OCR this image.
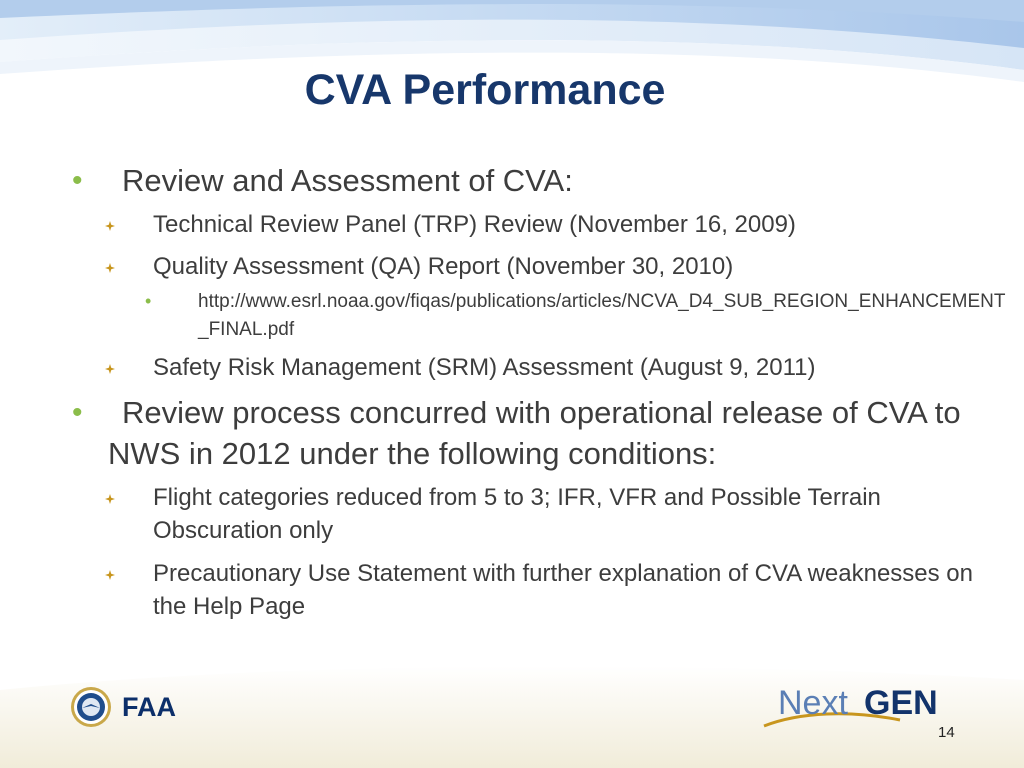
CVA Performance
•	Review and Assessment of CVA:
Technical Review Panel (TRP) Review (November 16, 2009)
Quality Assessment (QA) Report (November 30, 2010)
• http://www.esrl.noaa.gov/fiqas/publications/articles/NCVA_D4_SUB_REGION_ENHANCEMENT_FINAL.pdf
Safety Risk Management (SRM) Assessment (August 9, 2011)
•	Review process concurred with operational release of CVA to NWS in 2012 under the following conditions:
Flight categories reduced from 5 to 3; IFR, VFR and Possible Terrain Obscuration only
Precautionary Use Statement with further explanation of CVA weaknesses on the Help Page
FAA	Next GEN
14
